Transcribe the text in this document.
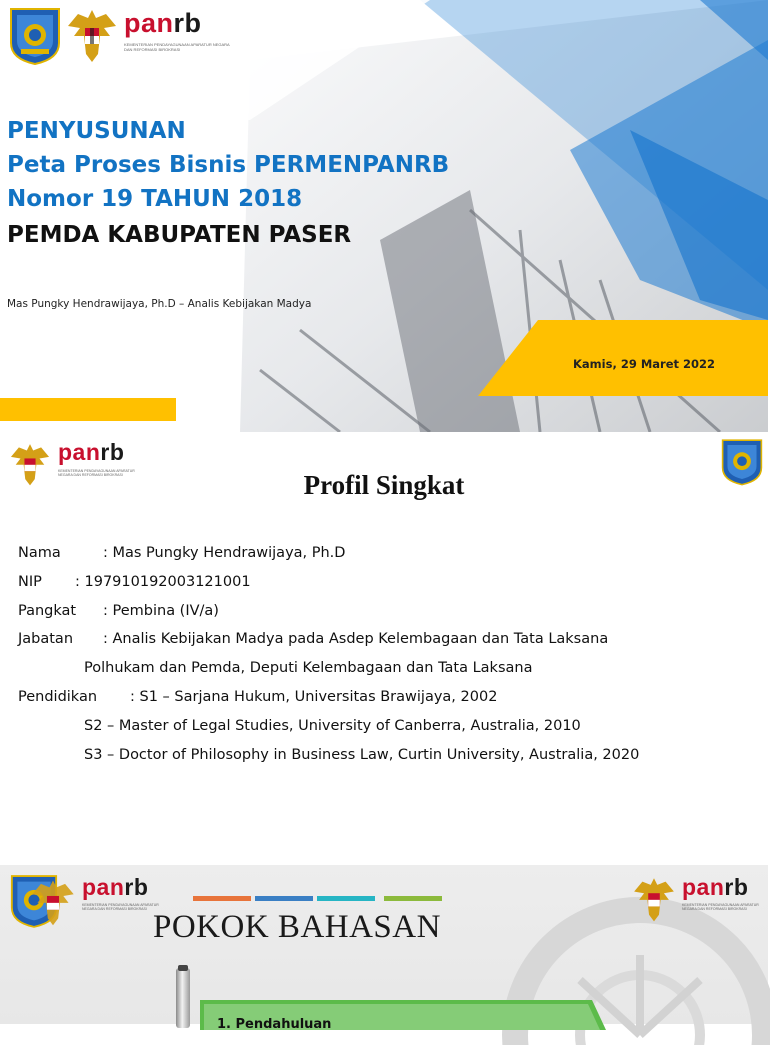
panrb
KEMENTERIAN PENDAYAGUNAAN APARATUR NEGARA DAN REFORMASI BIROKRASI
PENYUSUNAN
Peta Proses Bisnis PERMENPANRB
Nomor 19 TAHUN 2018
PEMDA KABUPATEN PASER
Mas Pungky Hendrawijaya, Ph.D – Analis Kebijakan Madya
Kamis, 29 Maret 2022
panrb
KEMENTERIAN PENDAYAGUNAAN APARATUR NEGARA DAN REFORMASI BIROKRASI	Profil Singkat
Nama	: Mas Pungky Hendrawijaya, Ph.D
NIP : 197910192003121001
Pangkat : Pembina (IV/a)
Jabatan : Analis Kebijakan Madya pada Asdep Kelembagaan dan Tata Laksana
Polhukam dan Pemda, Deputi Kelembagaan dan Tata Laksana
Pendidikan : S1 – Sarjana Hukum, Universitas Brawijaya, 2002
S2 – Master of Legal Studies, University of Canberra, Australia, 2010
S3 – Doctor of Philosophy in Business Law, Curtin University, Australia, 2020
panrb
KEMENTERIAN PENDAYAGUNAAN APARATUR NEGARA DAN REFORMASI BIROKRASI
panrb
KEMENTERIAN PENDAYAGUNAAN APARATUR NEGARA DAN REFORMASI BIROKRASI
POKOK BAHASAN
1. Pendahuluan
